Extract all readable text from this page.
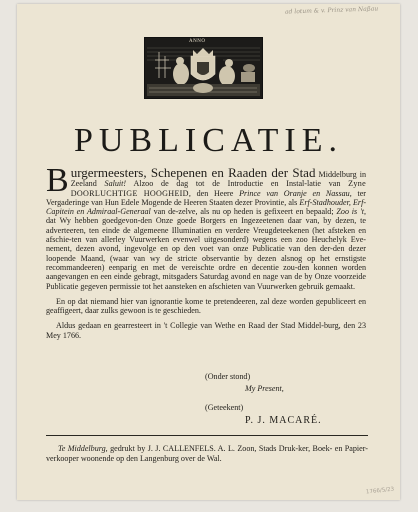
ad lotum & v. Prinz van Naßau
ANNO
PUBLICATIE.
B urgermeesters, Schepenen en Raaden der Stad Middelburg in Zeeland Saluit! Alzoo de dag tot de Introductie en Instal-latie van Zyne DOORLUCHTIGE HOOGHEID, den Heere Prince van Oranje en Nassau, ter Vergaderinge van Hun Edele Mogende de Heeren Staaten dezer Provintie, als Erf-Stadhouder, Erf-Capitein en Admiraal-Generaal van de-zelve, als nu op heden is gefixeert en bepaald; Zoo is 't, dat Wy hebben goedgevon-den Onze goede Borgers en Ingezeetenen daar van, by dezen, te adverteeren, ten einde de algemeene Illuminatien en verdere Vreugdeteekenen (het afsteken en afschie-ten van allerley Vuurwerken evenwel uitgesonderd) wegens een zoo Heuchelyk Eve-nement, dezen avond, ingevolge en op den voet van onze Publicatie van den der-den dezer loopende Maand, (waar van wy de stricte observantie by dezen alsnog op het ernstigste recommandeeren) eenparig en met de vereischte ordre en decentie zou-den konnen worden aangevangen en een einde gebragt, mitsgaders Saturdag avond en nage van de by Onze voorzeide Publicatie gegeven permissie tot het aansteken en afschieten van Vuurwerken gebruik gemaakt.
En op dat niemand hier van ignorantie kome te pretendeeren, zal deze worden gepubliceert en geaffigeert, daar zulks gewoon is te geschieden.
Aldus gedaan en gearresteert in 't Collegie van Wethe en Raad der Stad Middel-burg, den 23 Mey 1766.
(Onder stond)
My Present,
(Geteekent)
P. J. MACARÉ.
Te Middelburg, gedrukt by J. J. CALLENFELS. A. L. Zoon, Stads Druk-ker, Boek- en Papier-verkooper woonende op den Langenburg over de Wal.
1766/5/23
